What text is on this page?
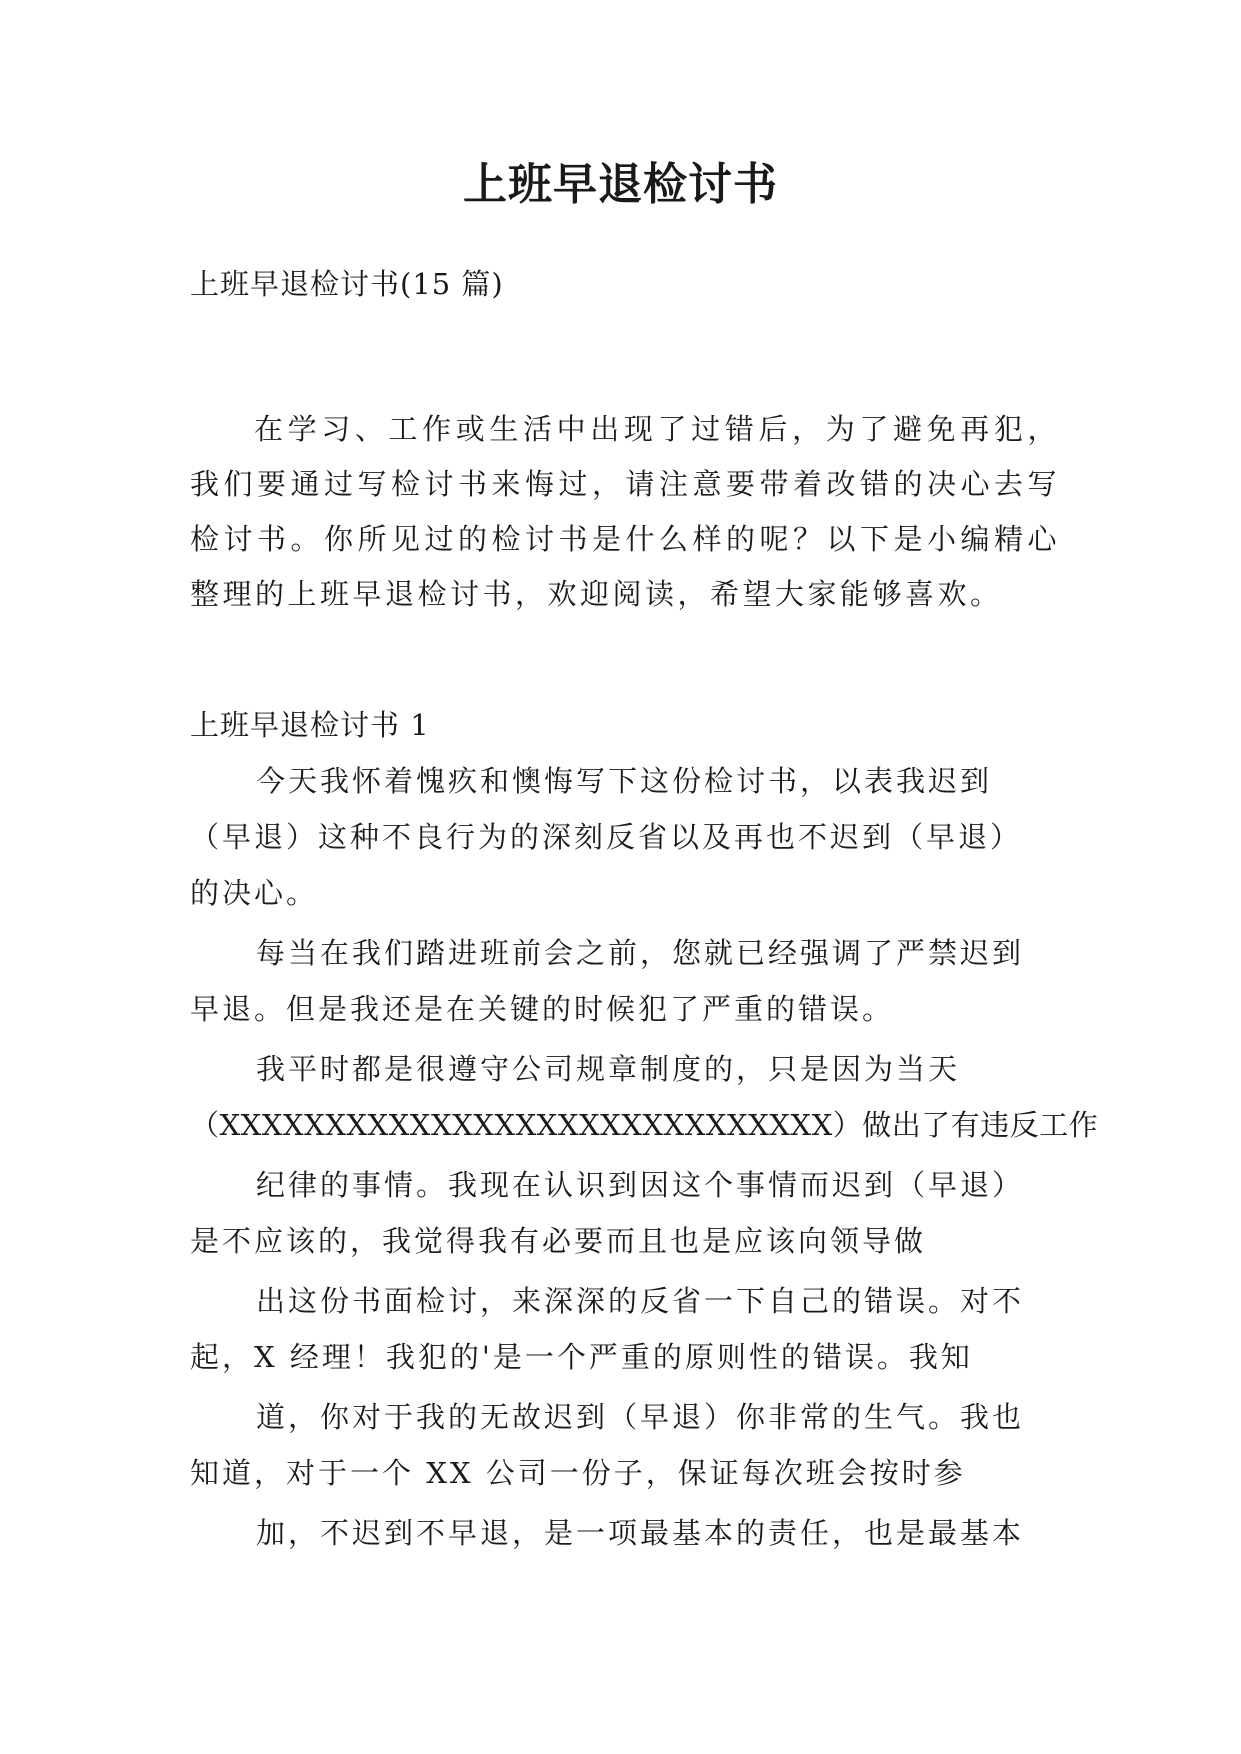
上班早退检讨书

上班早退检讨书(15 篇)

在学习、工作或生活中出现了过错后，为了避免再犯，我们要通过写检讨书来悔过，请注意要带着改错的决心去写检讨书。你所见过的检讨书是什么样的呢？以下是小编精心整理的上班早退检讨书，欢迎阅读，希望大家能够喜欢。

上班早退检讨书 1

今天我怀着愧疚和懊悔写下这份检讨书，以表我迟到

（早退）这种不良行为的深刻反省以及再也不迟到（早退）

的决心。

每当在我们踏进班前会之前，您就已经强调了严禁迟到

早退。但是我还是在关键的时候犯了严重的错误。

我平时都是很遵守公司规章制度的，只是因为当天

（XXXXXXXXXXXXXXXXXXXXXXXXXXXXX）做出了有违反工作

纪律的事情。我现在认识到因这个事情而迟到（早退）

是不应该的，我觉得我有必要而且也是应该向领导做

出这份书面检讨，来深深的反省一下自己的错误。对不

起，X 经理！我犯的'是一个严重的原则性的错误。我知

道，你对于我的无故迟到（早退）你非常的生气。我也

知道，对于一个 XX 公司一份子，保证每次班会按时参

加，不迟到不早退，是一项最基本的责任，也是最基本
